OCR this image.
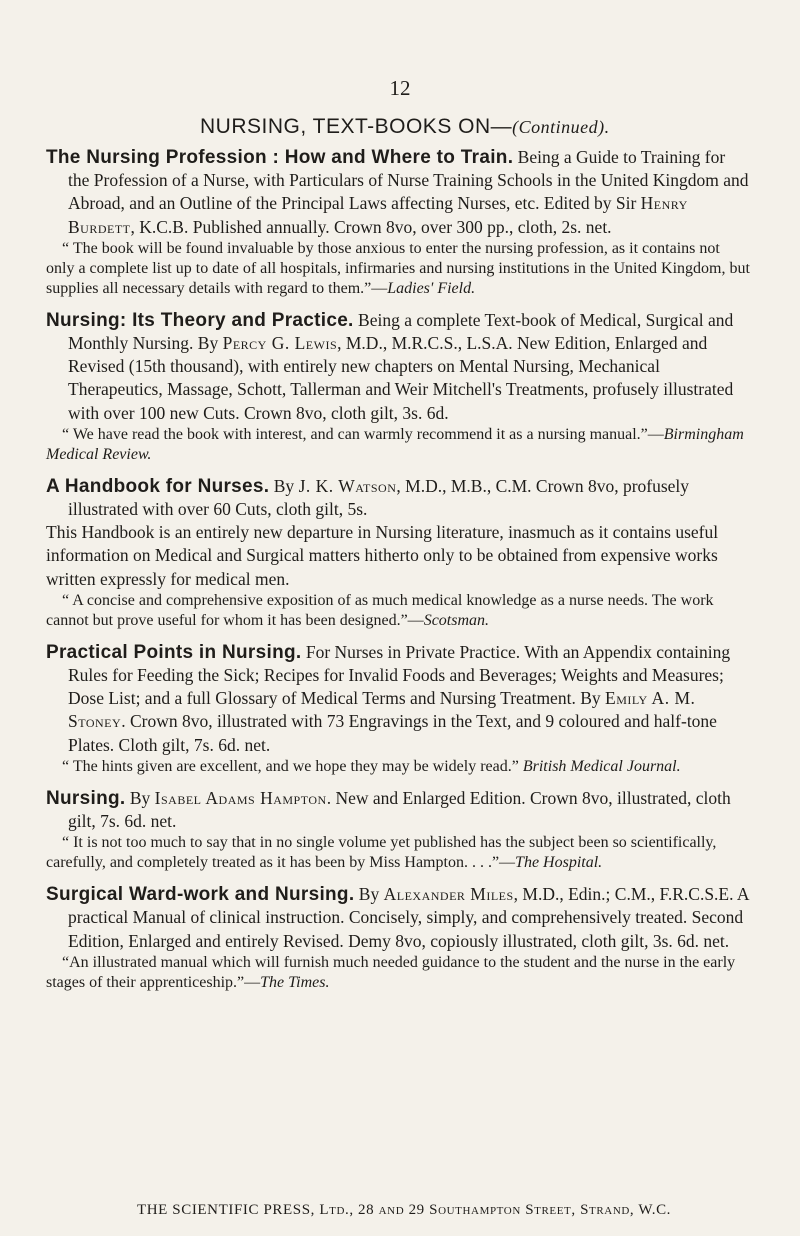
12
NURSING, TEXT-BOOKS ON—(Continued).

The Nursing Profession : How and Where to Train. Being a Guide to Training for the Profession of a Nurse, with Particulars of Nurse Training Schools in the United Kingdom and Abroad, and an Outline of the Principal Laws affecting Nurses, etc. Edited by Sir Henry Burdett, K.C.B. Published annually. Crown 8vo, over 300 pp., cloth, 2s. net.

“ The book will be found invaluable by those anxious to enter the nursing profession, as it contains not only a complete list up to date of all hospitals, infirmaries and nursing institutions in the United Kingdom, but supplies all necessary details with regard to them.”—Ladies' Field.

Nursing: Its Theory and Practice. Being a complete Text-book of Medical, Surgical and Monthly Nursing. By Percy G. Lewis, M.D., M.R.C.S., L.S.A. New Edition, Enlarged and Revised (15th thousand), with entirely new chapters on Mental Nursing, Mechanical Therapeutics, Massage, Schott, Tallerman and Weir Mitchell's Treatments, profusely illustrated with over 100 new Cuts. Crown 8vo, cloth gilt, 3s. 6d.

“ We have read the book with interest, and can warmly recommend it as a nursing manual.”—Birmingham Medical Review.

A Handbook for Nurses. By J. K. Watson, M.D., M.B., C.M. Crown 8vo, profusely illustrated with over 60 Cuts, cloth gilt, 5s.

This Handbook is an entirely new departure in Nursing literature, inasmuch as it contains useful information on Medical and Surgical matters hitherto only to be obtained from expensive works written expressly for medical men.

“ A concise and comprehensive exposition of as much medical knowledge as a nurse needs. The work cannot but prove useful for whom it has been designed.”—Scotsman.

Practical Points in Nursing. For Nurses in Private Practice. With an Appendix containing Rules for Feeding the Sick; Recipes for Invalid Foods and Beverages; Weights and Measures; Dose List; and a full Glossary of Medical Terms and Nursing Treatment. By Emily A. M. Stoney. Crown 8vo, illustrated with 73 Engravings in the Text, and 9 coloured and half-tone Plates. Cloth gilt, 7s. 6d. net.

“ The hints given are excellent, and we hope they may be widely read.” British Medical Journal.

Nursing. By Isabel Adams Hampton. New and Enlarged Edition. Crown 8vo, illustrated, cloth gilt, 7s. 6d. net.

“ It is not too much to say that in no single volume yet published has the subject been so scientifically, carefully, and completely treated as it has been by Miss Hampton. . . .”—The Hospital.

Surgical Ward-work and Nursing. By Alexander Miles, M.D., Edin.; C.M., F.R.C.S.E. A practical Manual of clinical instruction. Concisely, simply, and comprehensively treated. Second Edition, Enlarged and entirely Revised. Demy 8vo, copiously illustrated, cloth gilt, 3s. 6d. net.

“An illustrated manual which will furnish much needed guidance to the student and the nurse in the early stages of their apprenticeship.”—The Times.

THE SCIENTIFIC PRESS, Ltd., 28 and 29 Southampton Street, Strand, W.C.
